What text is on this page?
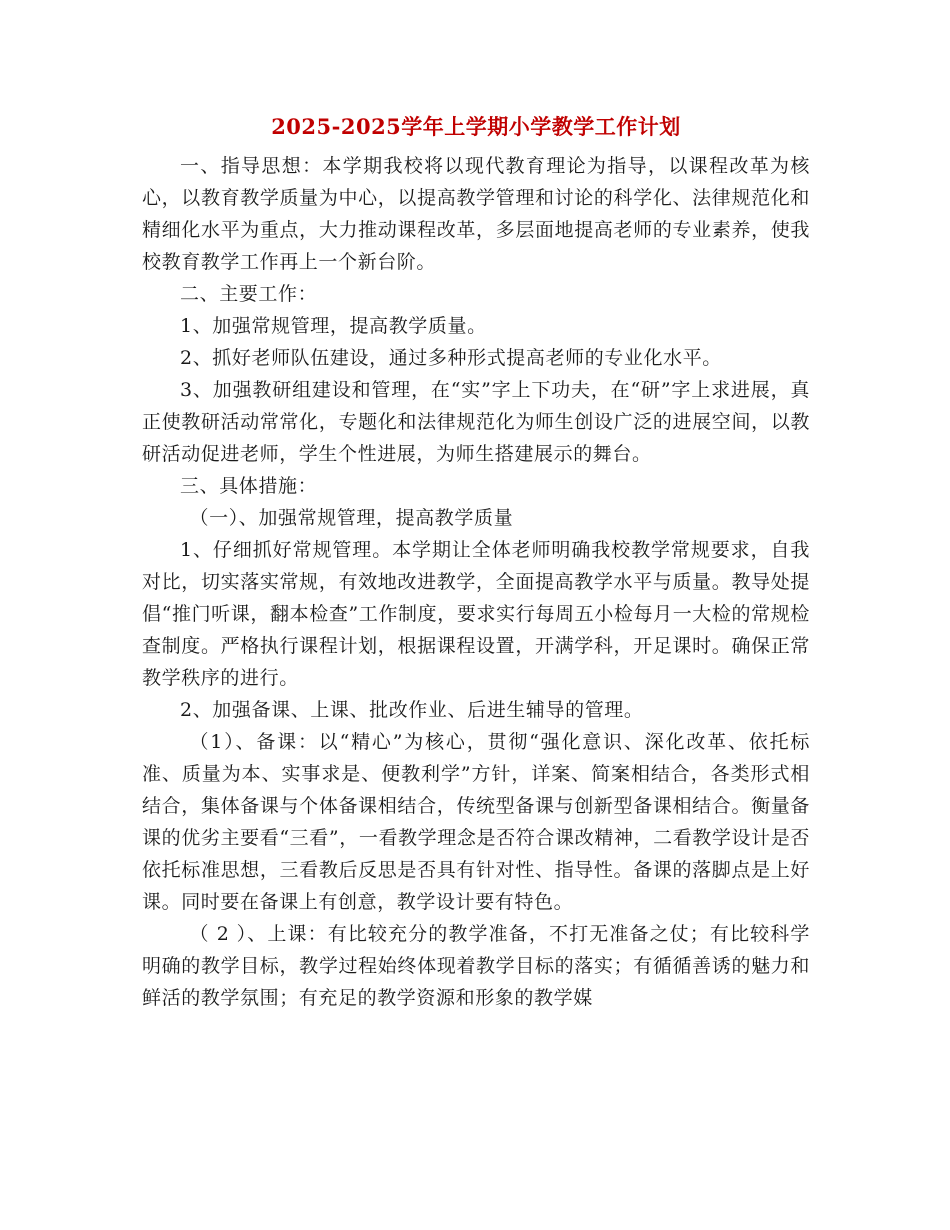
2025-2025学年上学期小学教学工作计划

一、指导思想：本学期我校将以现代教育理论为指导，以课程改革为核心，以教育教学质量为中心，以提高教学管理和讨论的科学化、法律规范化和精细化水平为重点，大力推动课程改革，多层面地提高老师的专业素养，使我校教育教学工作再上一个新台阶。

二、主要工作：

1、加强常规管理，提高教学质量。

2、抓好老师队伍建设，通过多种形式提高老师的专业化水平。

3、加强教研组建设和管理，在“实”字上下功夫，在“研”字上求进展，真正使教研活动常常化，专题化和法律规范化为师生创设广泛的进展空间，以教研活动促进老师，学生个性进展，为师生搭建展示的舞台。

三、具体措施：

（一）、加强常规管理，提高教学质量

1、仔细抓好常规管理。本学期让全体老师明确我校教学常规要求，自我对比，切实落实常规，有效地改进教学，全面提高教学水平与质量。教导处提倡“推门听课，翻本检查”工作制度，要求实行每周五小检每月一大检的常规检查制度。严格执行课程计划，根据课程设置，开满学科，开足课时。确保正常教学秩序的进行。

2、加强备课、上课、批改作业、后进生辅导的管理。

（1）、备课：以“精心”为核心，贯彻“强化意识、深化改革、依托标准、质量为本、实事求是、便教利学”方针，详案、简案相结合，各类形式相结合，集体备课与个体备课相结合，传统型备课与创新型备课相结合。衡量备课的优劣主要看“三看”，一看教学理念是否符合课改精神，二看教学设计是否依托标准思想，三看教后反思是否具有针对性、指导性。备课的落脚点是上好课。同时要在备课上有创意，教学设计要有特色。

（ 2 ）、上课：有比较充分的教学准备，不打无准备之仗；有比较科学明确的教学目标，教学过程始终体现着教学目标的落实；有循循善诱的魅力和鲜活的教学氛围；有充足的教学资源和形象的教学媒
